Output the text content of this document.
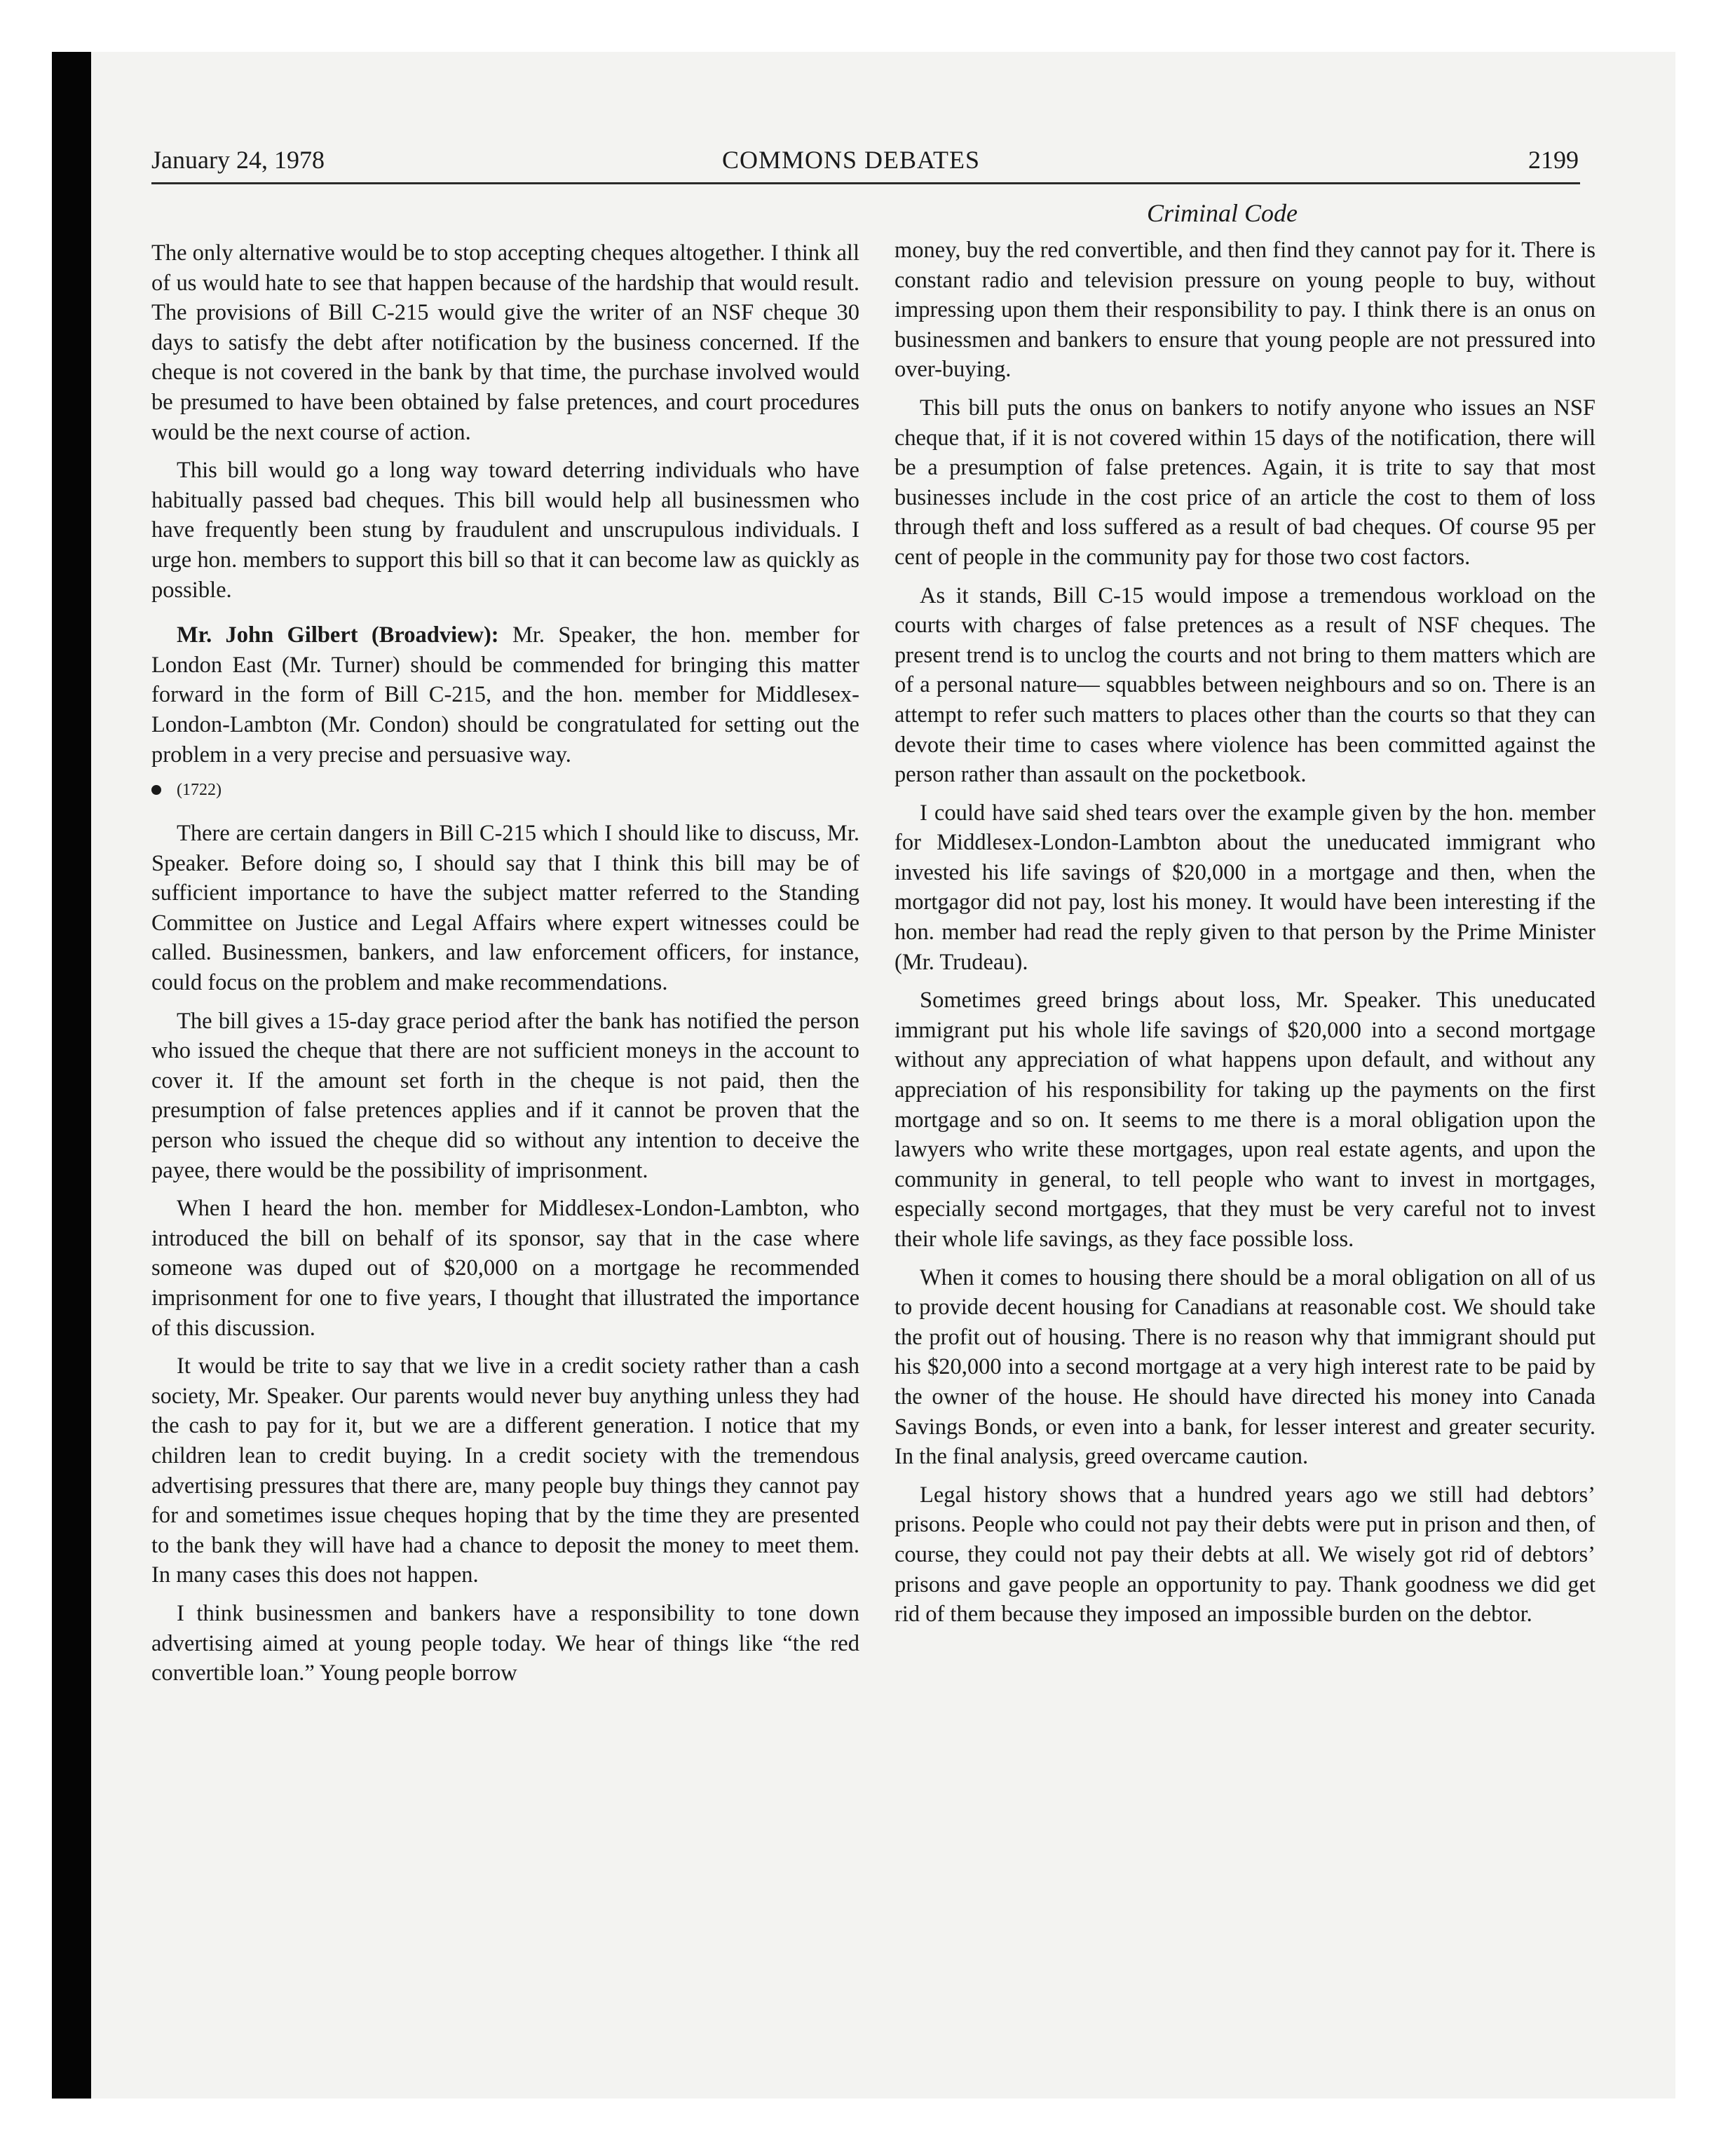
January 24, 1978	COMMONS DEBATES	2199
Criminal Code

The only alternative would be to stop accepting cheques altogether. I think all of us would hate to see that happen because of the hardship that would result. The provisions of Bill C-215 would give the writer of an NSF cheque 30 days to satisfy the debt after notification by the business concerned. If the cheque is not covered in the bank by that time, the purchase involved would be presumed to have been obtained by false pretences, and court procedures would be the next course of action.

This bill would go a long way toward deterring individuals who have habitually passed bad cheques. This bill would help all businessmen who have frequently been stung by fraudulent and unscrupulous individuals. I urge hon. members to support this bill so that it can become law as quickly as possible.

Mr. John Gilbert (Broadview): Mr. Speaker, the hon. member for London East (Mr. Turner) should be commended for bringing this matter forward in the form of Bill C-215, and the hon. member for Middlesex-London-Lambton (Mr. Condon) should be congratulated for setting out the problem in a very precise and persuasive way.

(1722)

There are certain dangers in Bill C-215 which I should like to discuss, Mr. Speaker. Before doing so, I should say that I think this bill may be of sufficient importance to have the subject matter referred to the Standing Committee on Justice and Legal Affairs where expert witnesses could be called. Businessmen, bankers, and law enforcement officers, for instance, could focus on the problem and make recommendations.

The bill gives a 15-day grace period after the bank has notified the person who issued the cheque that there are not sufficient moneys in the account to cover it. If the amount set forth in the cheque is not paid, then the presumption of false pretences applies and if it cannot be proven that the person who issued the cheque did so without any intention to deceive the payee, there would be the possibility of imprisonment.

When I heard the hon. member for Middlesex-London-Lambton, who introduced the bill on behalf of its sponsor, say that in the case where someone was duped out of $20,000 on a mortgage he recommended imprisonment for one to five years, I thought that illustrated the importance of this discussion.

It would be trite to say that we live in a credit society rather than a cash society, Mr. Speaker. Our parents would never buy anything unless they had the cash to pay for it, but we are a different generation. I notice that my children lean to credit buying. In a credit society with the tremendous advertising pressures that there are, many people buy things they cannot pay for and sometimes issue cheques hoping that by the time they are presented to the bank they will have had a chance to deposit the money to meet them. In many cases this does not happen.

I think businessmen and bankers have a responsibility to tone down advertising aimed at young people today. We hear of things like “the red convertible loan.” Young people borrow

money, buy the red convertible, and then find they cannot pay for it. There is constant radio and television pressure on young people to buy, without impressing upon them their responsibility to pay. I think there is an onus on businessmen and bankers to ensure that young people are not pressured into over-buying.

This bill puts the onus on bankers to notify anyone who issues an NSF cheque that, if it is not covered within 15 days of the notification, there will be a presumption of false pretences. Again, it is trite to say that most businesses include in the cost price of an article the cost to them of loss through theft and loss suffered as a result of bad cheques. Of course 95 per cent of people in the community pay for those two cost factors.

As it stands, Bill C-15 would impose a tremendous workload on the courts with charges of false pretences as a result of NSF cheques. The present trend is to unclog the courts and not bring to them matters which are of a personal nature— squabbles between neighbours and so on. There is an attempt to refer such matters to places other than the courts so that they can devote their time to cases where violence has been committed against the person rather than assault on the pocketbook.

I could have said shed tears over the example given by the hon. member for Middlesex-London-Lambton about the uneducated immigrant who invested his life savings of $20,000 in a mortgage and then, when the mortgagor did not pay, lost his money. It would have been interesting if the hon. member had read the reply given to that person by the Prime Minister (Mr. Trudeau).

Sometimes greed brings about loss, Mr. Speaker. This uneducated immigrant put his whole life savings of $20,000 into a second mortgage without any appreciation of what happens upon default, and without any appreciation of his responsibility for taking up the payments on the first mortgage and so on. It seems to me there is a moral obligation upon the lawyers who write these mortgages, upon real estate agents, and upon the community in general, to tell people who want to invest in mortgages, especially second mortgages, that they must be very careful not to invest their whole life savings, as they face possible loss.

When it comes to housing there should be a moral obligation on all of us to provide decent housing for Canadians at reasonable cost. We should take the profit out of housing. There is no reason why that immigrant should put his $20,000 into a second mortgage at a very high interest rate to be paid by the owner of the house. He should have directed his money into Canada Savings Bonds, or even into a bank, for lesser interest and greater security. In the final analysis, greed overcame caution.

Legal history shows that a hundred years ago we still had debtors’ prisons. People who could not pay their debts were put in prison and then, of course, they could not pay their debts at all. We wisely got rid of debtors’ prisons and gave people an opportunity to pay. Thank goodness we did get rid of them because they imposed an impossible burden on the debtor.
